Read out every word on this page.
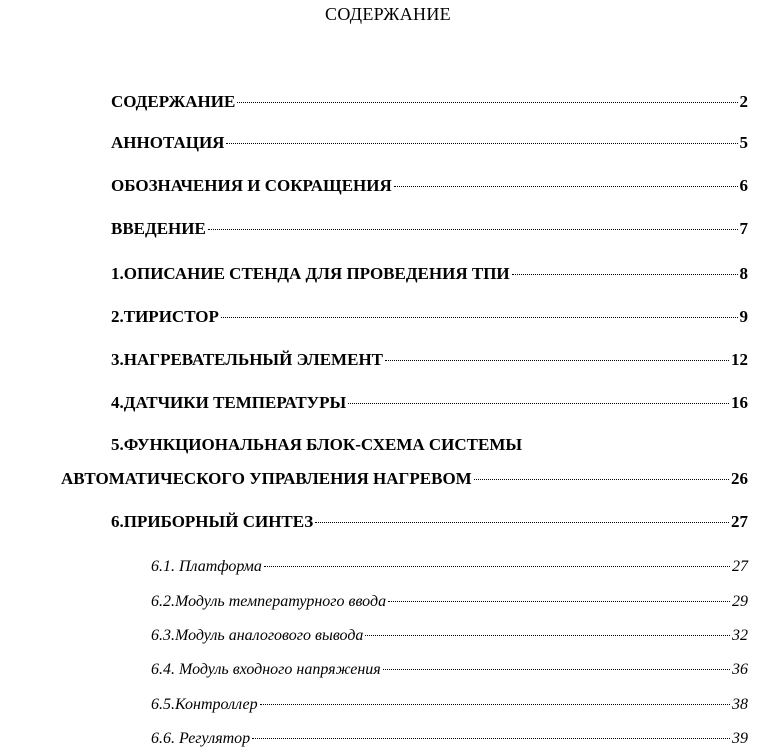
СОДЕРЖАНИЕ
СОДЕРЖАНИЕ	2
АННОТАЦИЯ	5
ОБОЗНАЧЕНИЯ И СОКРАЩЕНИЯ	6
ВВЕДЕНИЕ	7
1.ОПИСАНИЕ СТЕНДА ДЛЯ ПРОВЕДЕНИЯ ТПИ	8
2.ТИРИСТОР	9
3.НАГРЕВАТЕЛЬНЫЙ ЭЛЕМЕНТ	12
4.ДАТЧИКИ ТЕМПЕРАТУРЫ	16
5.ФУНКЦИОНАЛЬНАЯ БЛОК-СХЕМА СИСТЕМЫ
АВТОМАТИЧЕСКОГО УПРАВЛЕНИЯ НАГРЕВОМ	26
6.ПРИБОРНЫЙ СИНТЕЗ	27
6.1. Платформа	27
6.2.Модуль температурного ввода	29
6.3.Модуль аналогового вывода	32
6.4. Модуль входного напряжения	36
6.5.Контроллер	38
6.6. Регулятор	39
